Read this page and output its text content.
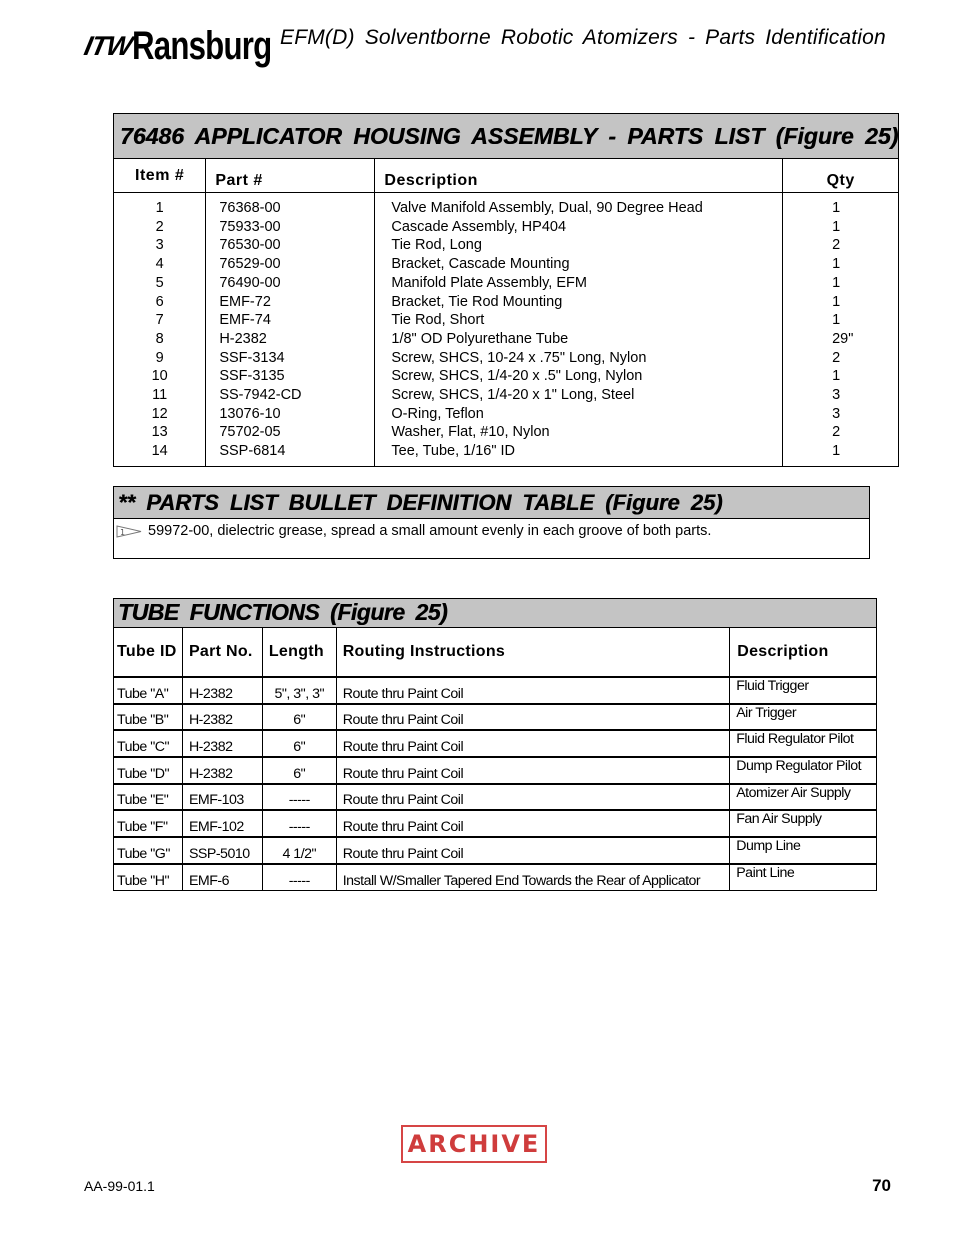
ITW
Ransburg EFM(D) Solventborne Robotic Atomizers - Parts Identification
76486 APPLICATOR HOUSING ASSEMBLY - PARTS LIST (Figure 25)			
Item #	Part #	Description	Qty
1	76368-00	Valve Manifold Assembly, Dual, 90 Degree Head	1
2	75933-00	Cascade Assembly, HP404	1
3	76530-00	Tie Rod, Long	2
4	76529-00	Bracket, Cascade Mounting	1
5	76490-00	Manifold Plate Assembly, EFM	1
6	EMF-72	Bracket, Tie Rod Mounting	1
7	EMF-74	Tie Rod, Short	1
8	H-2382	1/8" OD Polyurethane Tube	29"
9	SSF-3134	Screw, SHCS, 10-24 x .75" Long, Nylon	2
10	SSF-3135	Screw, SHCS, 1/4-20 x .5" Long, Nylon	1
11	SS-7942-CD	Screw, SHCS, 1/4-20 x 1" Long, Steel	3
12	13076-10	O-Ring, Teflon	3
13	75702-05	Washer, Flat, #10, Nylon	2
14	SSP-6814	Tee, Tube, 1/16" ID	1
** PARTS LIST BULLET DEFINITION TABLE (Figure 25)

1 59972-00, dielectric grease, spread a small amount evenly in each groove of both parts.
TUBE FUNCTIONS (Figure 25)				
Tube ID	Part No.	Length	Routing Instructions	Description
Tube "A"	H-2382	5", 3", 3"	Route thru Paint Coil	Fluid Trigger
Tube "B"	H-2382	6"	Route thru Paint Coil	Air Trigger
Tube "C"	H-2382	6"	Route thru Paint Coil	Fluid Regulator Pilot
Tube "D"	H-2382	6"	Route thru Paint Coil	Dump Regulator Pilot
Tube "E"	EMF-103	-----	Route thru Paint Coil	Atomizer Air Supply
Tube "F"	EMF-102	-----	Route thru Paint Coil	Fan Air Supply
Tube "G"	SSP-5010	4 1/2"	Route thru Paint Coil	Dump Line
Tube "H"	EMF-6	-----	Install W/Smaller Tapered End Towards the Rear of Applicator	Paint Line
ARCHIVE
AA-99-01.1	70
